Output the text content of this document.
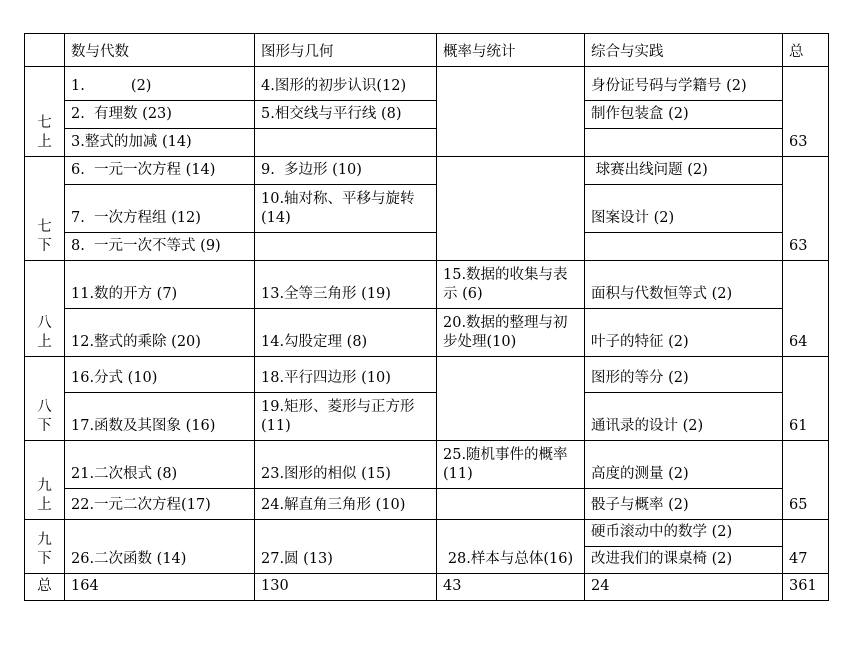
	数与代数	图形与几何	概率与统计	综合与实践	总
七上	1.          (2)	4.图形的初步认识(12)		身份证号码与学籍号 (2)	
	2.  有理数 (23)	5.相交线与平行线 (8)		制作包装盒 (2)	
	3.整式的加减 (14)				63
七下	6.  一元一次方程 (14)	9.  多边形 (10)		球赛出线问题 (2)	
	7.  一次方程组 (12)	10.轴对称、平移与旋转 (14)		图案设计 (2)	
	8.  一元一次不等式 (9)				63
八上	11.数的开方 (7)	13.全等三角形 (19)	15.数据的收集与表示 (6)	面积与代数恒等式 (2)	
	12.整式的乘除 (20)	14.勾股定理 (8)	20.数据的整理与初步处理(10)	叶子的特征 (2)	64
八下	16.分式 (10)	18.平行四边形 (10)		图形的等分 (2)	
	17.函数及其图象 (16)	19.矩形、菱形与正方形 (11)		通讯录的设计 (2)	61
九上	21.二次根式 (8)	23.图形的相似 (15)	25.随机事件的概率 (11)	高度的测量 (2)	
	22.一元二次方程(17)	24.解直角三角形 (10)		骰子与概率 (2)	65
九下	26.二次函数 (14)	27.圆 (13)	28.样本与总体(16)	硬币滚动中的数学 (2)	47
				改进我们的课桌椅 (2)	
总	164	130	43	24	361
